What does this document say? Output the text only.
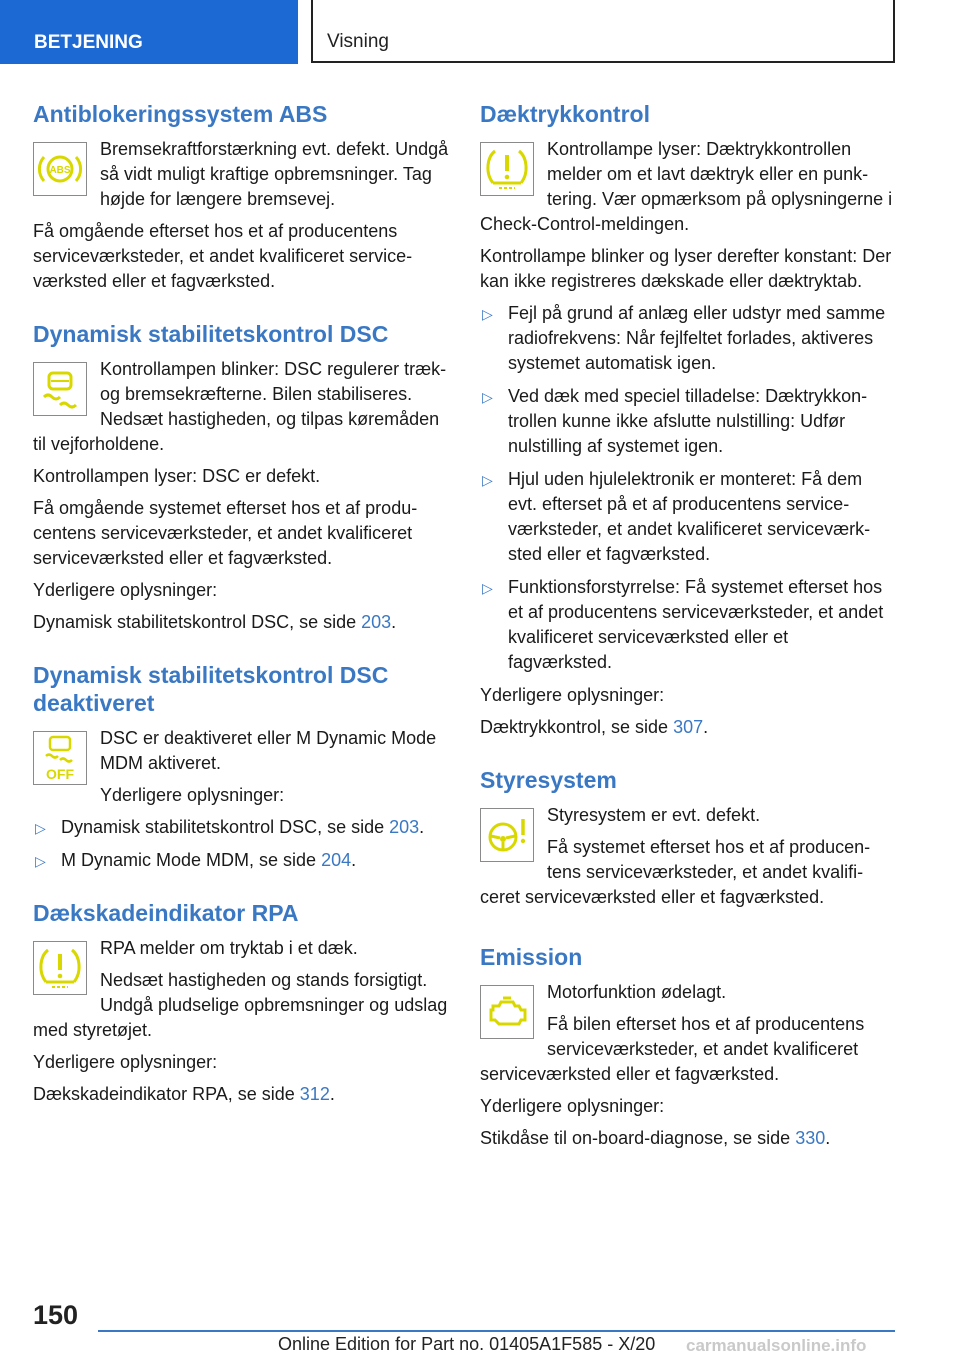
BETJENING	Visning
Antiblokeringssystem ABS
ABS

Bremsekraftforstærkning evt. defekt. Undgå så vidt muligt kraftige opbremsninger. Tag højde for længere bremsevej.

Få omgående efterset hos et af producentens serviceværksteder, et andet kvalificeret serviceværksted eller et fagværksted.

Dynamisk stabilitetskontrol DSC

Kontrollampen blinker: DSC regulerer træk- og bremsekræfterne. Bilen stabiliseres. Nedsæt hastigheden, og tilpas køremåden til vejforholdene.

Kontrollampen lyser: DSC er defekt.

Få omgående systemet efterset hos et af producentens serviceværksteder, et andet kvalificeret serviceværksted eller et fagværksted.

Yderligere oplysninger:

Dynamisk stabilitetskontrol DSC, se side 203.

Dynamisk stabilitetskontrol DSC deaktiveret
OFF

DSC er deaktiveret eller M Dynamic Mode MDM aktiveret.

Yderligere oplysninger:

▷ Dynamisk stabilitetskontrol DSC, se side 203.
▷ M Dynamic Mode MDM, se side 204.
Dækskadeindikator RPA

RPA melder om tryktab i et dæk.

Nedsæt hastigheden og stands forsigtigt. Undgå pludselige opbremsninger og udslag med styretøjet.

Yderligere oplysninger:

Dækskadeindikator RPA, se side 312.

Dæktrykkontrol

Kontrollampe lyser: Dæktrykkontrollen melder om et lavt dæktryk eller en punktering. Vær opmærksom på oplysningerne i Check-Control-meldingen.

Kontrollampe blinker og lyser derefter konstant: Der kan ikke registreres dækskade eller dæktryktab.

▷ Fejl på grund af anlæg eller udstyr med samme radiofrekvens: Når fejlfeltet forlades, aktiveres systemet automatisk igen.
▷ Ved dæk med speciel tilladelse: Dæktrykkontrollen kunne ikke afslutte nulstilling: Udfør nulstilling af systemet igen.
▷ Hjul uden hjulelektronik er monteret: Få dem evt. efterset på et af producentens serviceværksteder, et andet kvalificeret serviceværksted eller et fagværksted.
▷ Funktionsforstyrrelse: Få systemet efterset hos et af producentens serviceværksteder, et andet kvalificeret serviceværksted eller et fagværksted.

Yderligere oplysninger:

Dæktrykkontrol, se side 307.

Styresystem

Styresystem er evt. defekt.

Få systemet efterset hos et af producentens serviceværksteder, et andet kvalificeret serviceværksted eller et fagværksted.

Emission

Motorfunktion ødelagt.

Få bilen efterset hos et af producentens serviceværksteder, et andet kvalificeret serviceværksted eller et fagværksted.

Yderligere oplysninger:

Stikdåse til on-board-diagnose, se side 330.

150
Online Edition for Part no. 01405A1F585 - X/20 carmanualsonline.info
